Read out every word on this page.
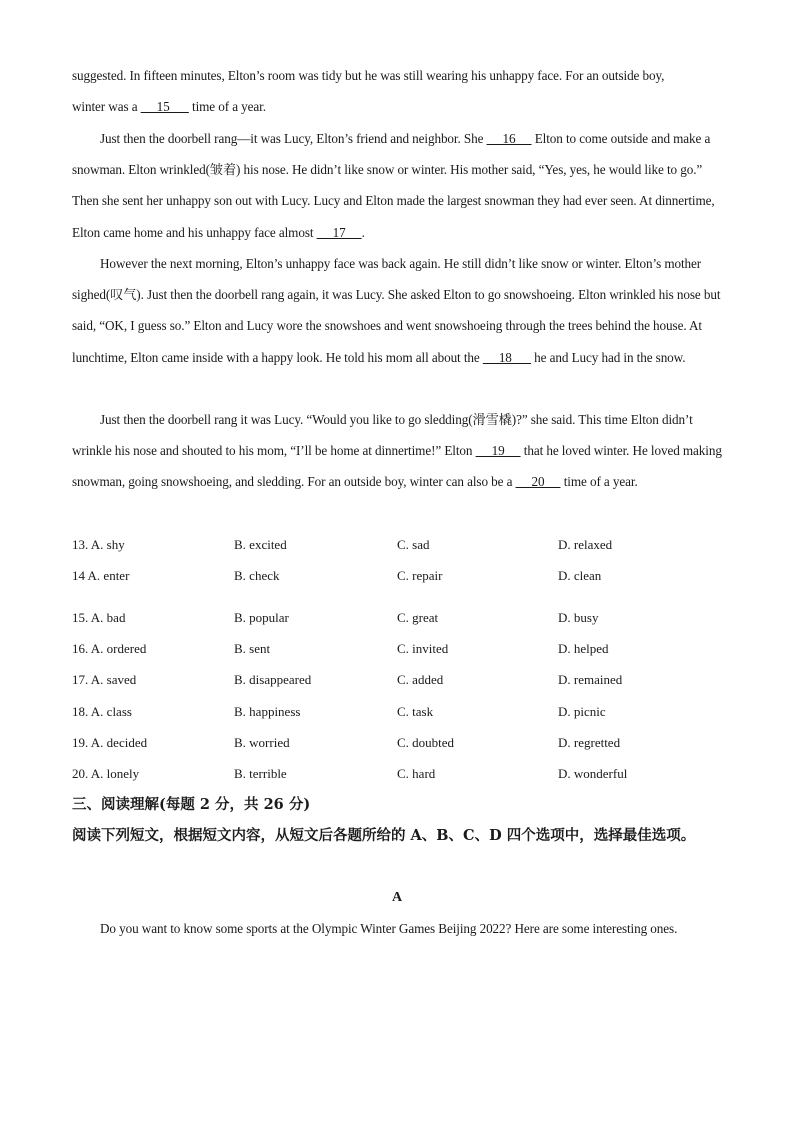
suggested. In fifteen minutes, Elton’s room was tidy but he was still wearing his unhappy face. For an outside boy,

winter was a      15       time of a year.

Just then the doorbell rang—it was Lucy, Elton’s friend and neighbor. She      16      Elton to come outside and make a snowman. Elton wrinkled(皱着) his nose. He didn’t like snow or winter. His mother said, “Yes, yes, he would like to go.” Then she sent her unhappy son out with Lucy. Lucy and Elton made the largest snowman they had ever seen. At dinnertime, Elton came home and his unhappy face almost      17     .

However the next morning, Elton’s unhappy face was back again. He still didn’t like snow or winter. Elton’s mother sighed(叹气). Just then the doorbell rang again, it was Lucy. She asked Elton to go snowshoeing. Elton wrinkled his nose but said, “OK, I guess so.” Elton and Lucy wore the snowshoes and went snowshoeing through the trees behind the house. At lunchtime, Elton came inside with a happy look. He told his mom all about the      18       he and Lucy had in the snow.

Just then the doorbell rang it was Lucy. “Would you like to go sledding(滑雪橇)?” she said. This time Elton didn’t wrinkle his nose and shouted to his mom, “I’ll be home at dinnertime!” Elton      19      that he loved winter. He loved making snowman, going snowshoeing, and sledding. For an outside boy, winter can also be a      20      time of a year.

13. A. shy	B. excited	C. sad	D. relaxed
14 A. enter	B. check	C. repair	D. clean
15. A. bad	B. popular	C. great	D. busy
16. A. ordered	B. sent	C. invited	D. helped
17. A. saved	B. disappeared	C. added	D. remained
18. A. class	B. happiness	C. task	D. picnic
19. A. decided	B. worried	C. doubted	D. regretted
20. A. lonely	B. terrible	C. hard	D. wonderful
三、阅读理解(每题 2 分，共 26 分)
阅读下列短文，根据短文内容，从短文后各题所给的 A、B、C、D 四个选项中，选择最佳选项。
A

Do you want to know some sports at the Olympic Winter Games Beijing 2022? Here are some interesting ones.
